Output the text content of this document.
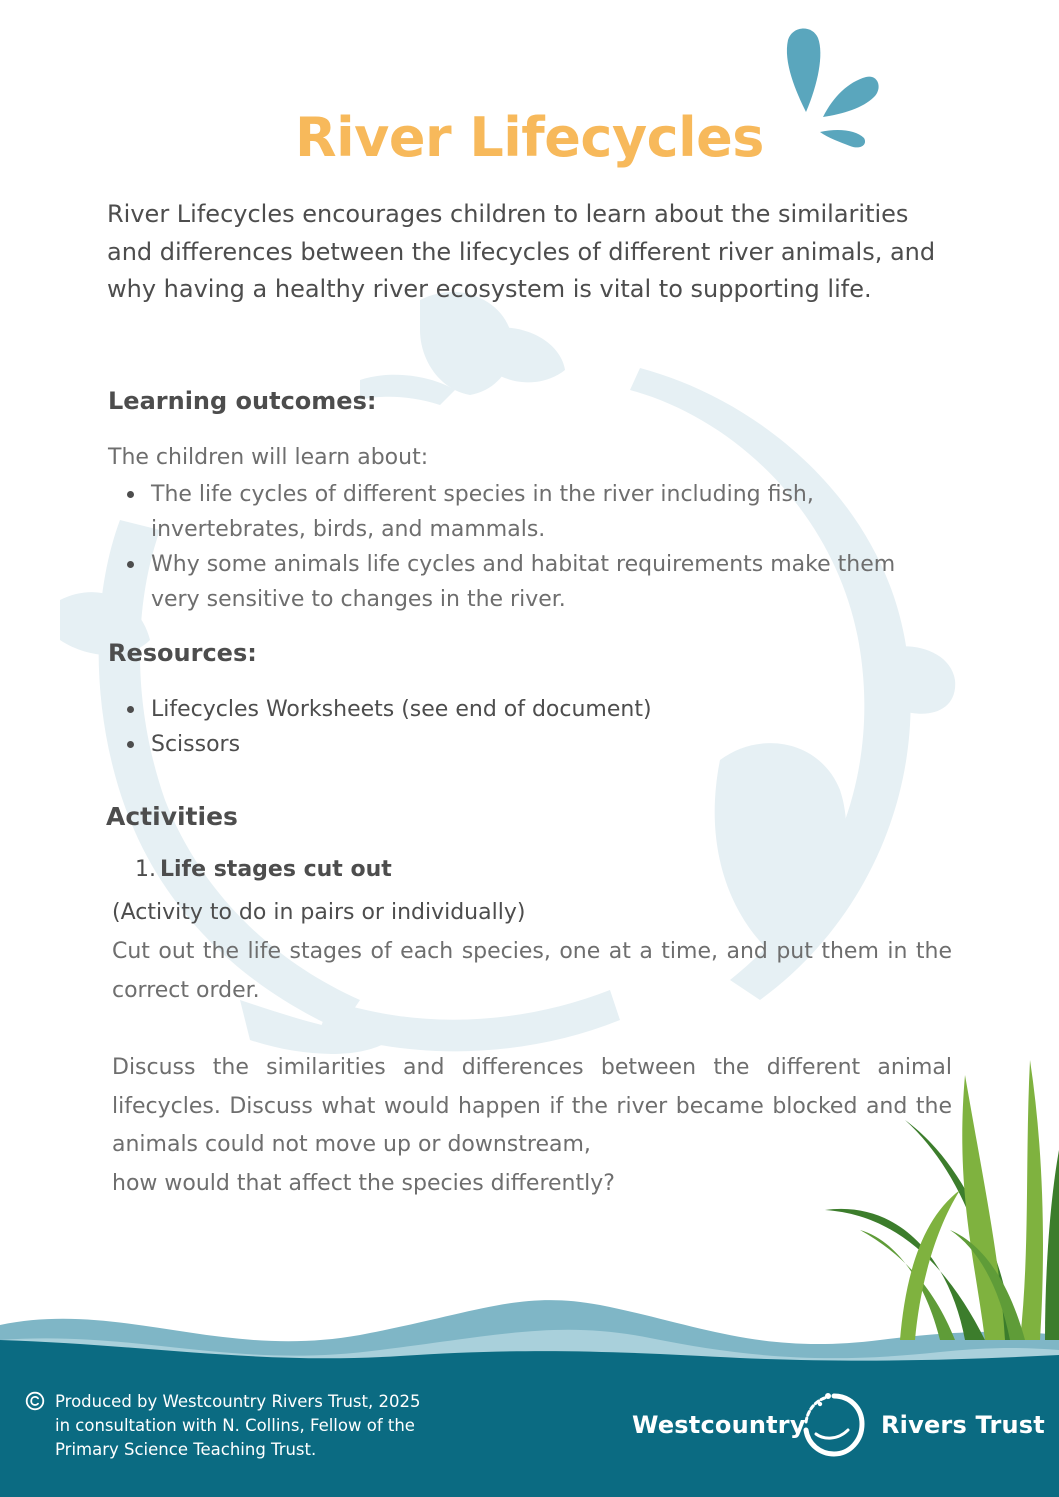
River Lifecycles

River Lifecycles encourages children to learn about the similarities and differences between the lifecycles of different river animals, and why having a healthy river ecosystem is vital to supporting life.

Learning outcomes:

The children will learn about:

The life cycles of different species in the river including fish, invertebrates, birds, and mammals.
Why some animals life cycles and habitat requirements make them very sensitive to changes in the river.
Resources:
Lifecycles Worksheets (see end of document)
Scissors
Activities

1. Life stages cut out

(Activity to do in pairs or individually)

Cut out the life stages of each species, one at a time, and put them in the correct order.

Discuss the similarities and differences between the different animal lifecycles. Discuss what would happen if the river became blocked and the animals could not move up or downstream,

how would that affect the species differently?

Produced by Westcountry Rivers Trust, 2025 in consultation with N. Collins, Fellow of the Primary Science Teaching Trust.

Westcountry	Rivers Trust
